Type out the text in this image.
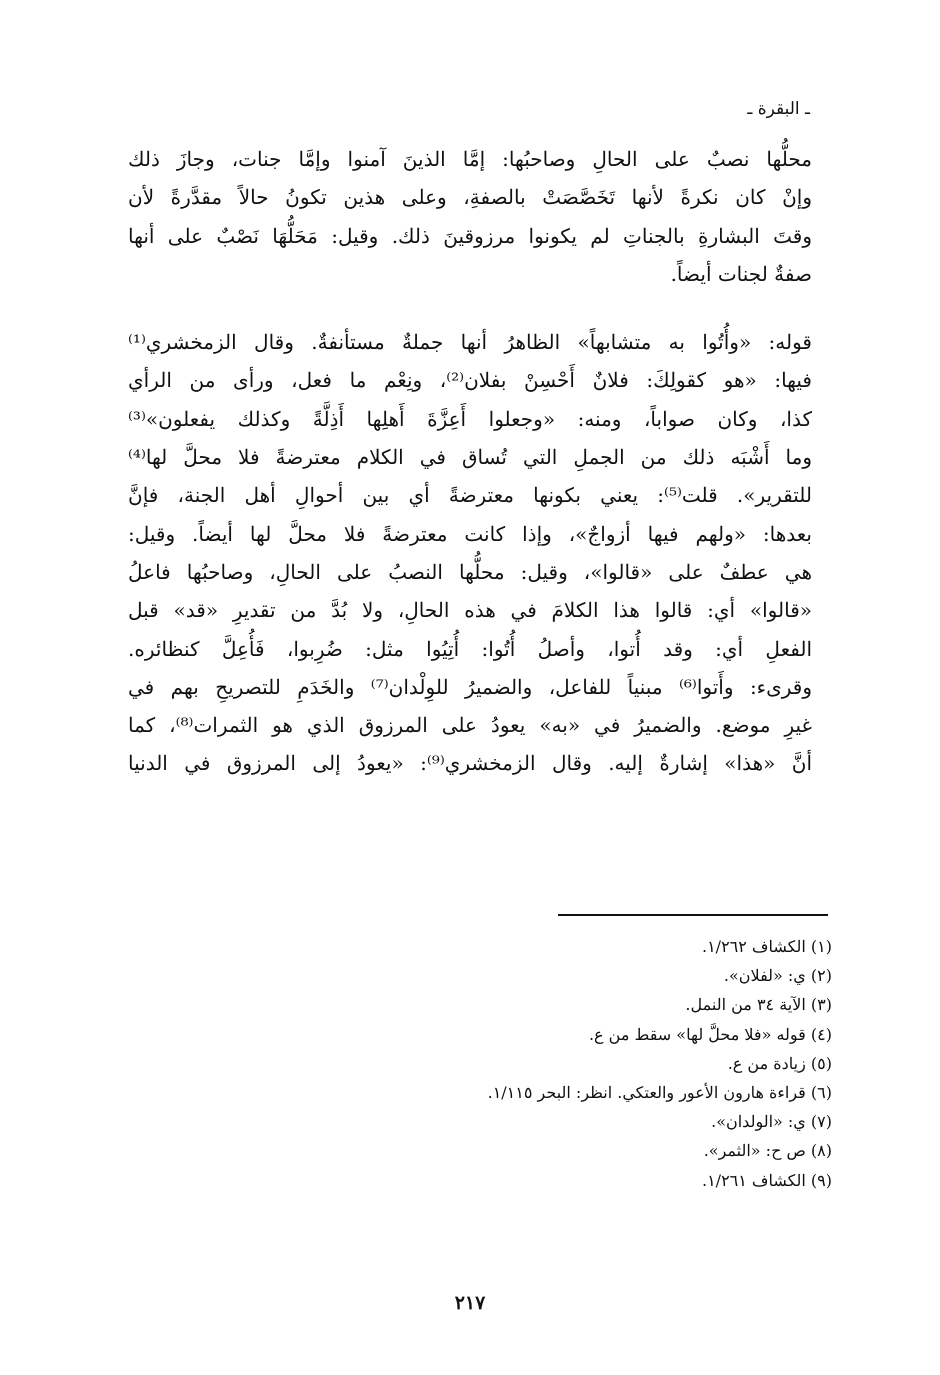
ـ البقرة ـ
محلُّها نصبٌ على الحالِ وصاحبُها: إمَّا الذينَ آمنوا وإمَّا جنات، وجازَ ذلك
وإنْ كان نكرةً لأنها تَخَصَّصَتْ بالصفةِ، وعلى هذين تكونُ حالاً مقدَّرةً لأن
وقتَ البشارةِ بالجناتِ لم يكونوا مرزوقينَ ذلك. وقيل: مَحَلُّهَا نَصْبٌ على أنها
صفةٌ لجنات أيضاً.
قوله: «وأُتُوا به متشابهاً» الظاهرُ أنها جملةٌ مستأنفةٌ. وقال الزمخشري⁽¹⁾
فيها: «هو كقولِكَ: فلانٌ أَحْسِنْ بفلان⁽²⁾، ونِعْم ما فعل، ورأى من الرأي
كذا، وكان صواباً، ومنه: «وجعلوا أَعِزَّةَ أَهلِها أَذِلَّةً وكذلك يفعلون»⁽³⁾
وما أَشْبَه ذلك من الجملِ التي تُساق في الكلام معترضةً فلا محلَّ لها⁽⁴⁾
للتقرير». قلت⁽⁵⁾: يعني بكونها معترضةً أي بين أحوالِ أهل الجنة، فإنَّ
بعدها: «ولهم فيها أزواجٌ»، وإذا كانت معترضةً فلا محلَّ لها أيضاً. وقيل:
هي عطفٌ على «قالوا»، وقيل: محلُّها النصبُ على الحالِ، وصاحبُها فاعلُ
«قالوا» أي: قالوا هذا الكلامَ في هذه الحالِ، ولا بُدَّ من تقديرِ «قد» قبل
الفعلِ أي: وقد أُتوا، وأصلُ أُتُوا: أُتِيُوا مثل: ضُرِبوا، فَأُعِلَّ كنظائره.
وقرىء: وأَتوا⁽⁶⁾ مبنياً للفاعل، والضميرُ للوِلْدان⁽⁷⁾ والخَدَمِ للتصريحِ بهم في
غيرِ موضع. والضميرُ في «به» يعودُ على المرزوق الذي هو الثمرات⁽⁸⁾، كما
أنَّ «هذا» إشارةٌ إليه. وقال الزمخشري⁽⁹⁾: «يعودُ إلى المرزوق في الدنيا
(١) الكشاف ١/٢٦٢.
(٢) ي: «لفلان».
(٣) الآية ٣٤ من النمل.
(٤) قوله «فلا محلَّ لها» سقط من ع.
(٥) زيادة من ع.
(٦) قراءة هارون الأعور والعتكي. انظر: البحر ١/١١٥.
(٧) ي: «الولدان».
(٨) ص ح: «الثمر».
(٩) الكشاف ١/٢٦١.
٢١٧
